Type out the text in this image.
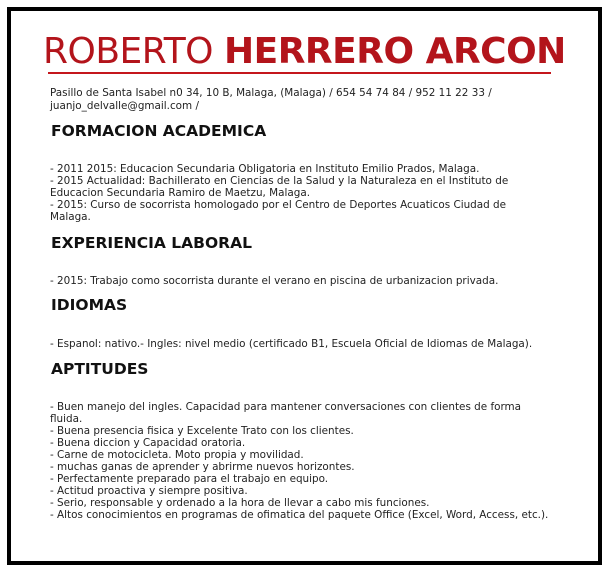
ROBERTO HERRERO ARCON
Pasillo de Santa Isabel n0 34, 10 B, Malaga, (Malaga) / 654 54 74 84 / 952 11 22 33 /
juanjo_delvalle@gmail.com /
FORMACION ACADEMICA
- 2011 2015: Educacion Secundaria Obligatoria en Instituto Emilio Prados, Malaga.
- 2015 Actualidad: Bachillerato en Ciencias de la Salud y la Naturaleza en el Instituto de Educacion Secundaria Ramiro de Maetzu, Malaga.
- 2015: Curso de socorrista homologado por el Centro de Deportes Acuaticos Ciudad de Malaga.
EXPERIENCIA LABORAL
- 2015: Trabajo como socorrista durante el verano en piscina de urbanizacion privada.
IDIOMAS
- Espanol: nativo.- Ingles: nivel medio (certificado B1, Escuela Oficial de Idiomas de Malaga).
APTITUDES
- Buen manejo del ingles. Capacidad para mantener conversaciones con clientes de forma fluida.
- Buena presencia fisica y Excelente Trato con los clientes.
- Buena diccion y Capacidad oratoria.
- Carne de motocicleta. Moto propia y movilidad.
- muchas ganas de aprender y abrirme nuevos horizontes.
- Perfectamente preparado para el trabajo en equipo.
- Actitud proactiva y siempre positiva.
- Serio, responsable y ordenado a la hora de llevar a cabo mis funciones.
- Altos conocimientos en programas de ofimatica del paquete Office (Excel, Word, Access, etc.).
